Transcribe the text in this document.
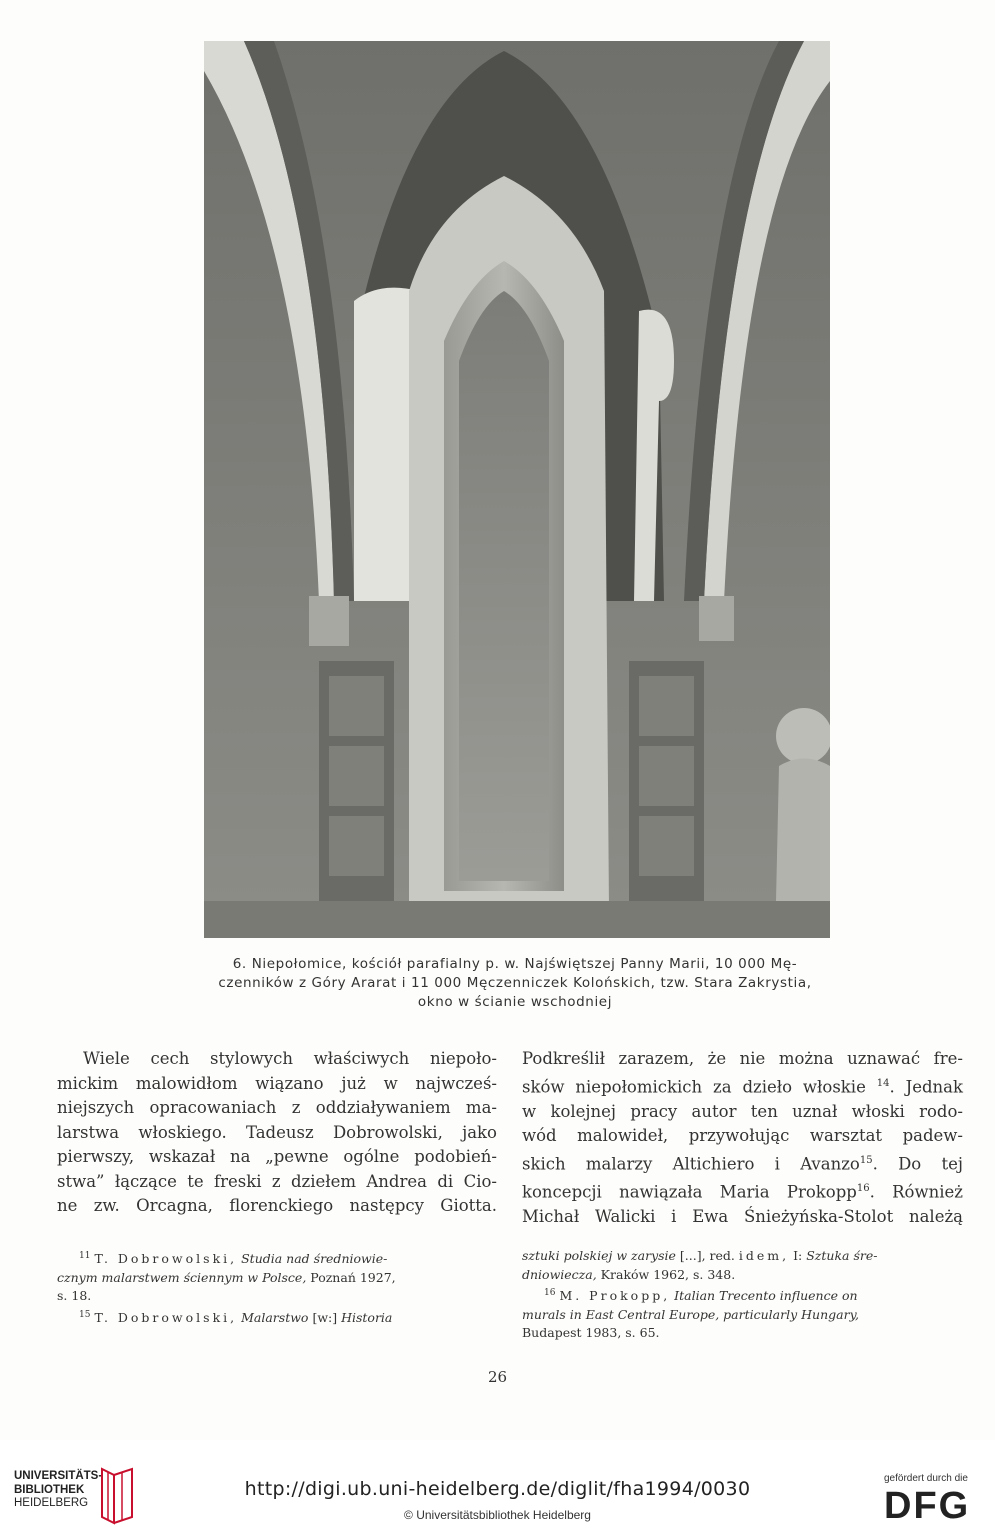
6. Niepołomice, kościół parafialny p. w. Najświętszej Panny Marii, 10 000 Mę-
czenników z Góry Ararat i 11 000 Męczenniczek Kolońskich, tzw. Stara Zakrystia,
okno w ścianie wschodniej
Wiele cech stylowych właściwych niepoło-
mickim malowidłom wiązano już w najwcześ-
niejszych opracowaniach z oddziaływaniem ma-
larstwa włoskiego. Tadeusz Dobrowolski, jako
pierwszy, wskazał na „pewne ogólne podobień-
stwa” łączące te freski z dziełem Andrea di Cio-
ne zw. Orcagna, florenckiego następcy Giotta.
Podkreślił zarazem, że nie można uznawać fre-
sków niepołomickich za dzieło włoskie $^{14}$. Jednak
w kolejnej pracy autor ten uznał włoski rodo-
wód malowideł, przywołując warsztat padew-
skich malarzy Altichiero i Avanzo$^{15}$. Do tej
koncepcji nawiązała Maria Prokopp$^{16}$. Również
Michał Walicki i Ewa Śnieżyńska-Stolot należą
$^{11}$ T. Dobrowolski, Studia nad średniowie-
cznym malarstwem ściennym w Polsce, Poznań 1927,
s. 18.
$^{15}$ T. Dobrowolski, Malarstwo [w:] Historia
sztuki polskiej w zarysie [...], red. idem, I: Sztuka śre-
dniowiecza, Kraków 1962, s. 348.
$^{16}$ M. Prokopp, Italian Trecento influence on
murals in East Central Europe, particularly Hungary,
Budapest 1983, s. 65.
26
UNIVERSITÄTS-
BIBLIOTHEK
HEIDELBERG
http://digi.ub.uni-heidelberg.de/diglit/fha1994/0030
© Universitätsbibliothek Heidelberg
gefördert durch die
DFG
